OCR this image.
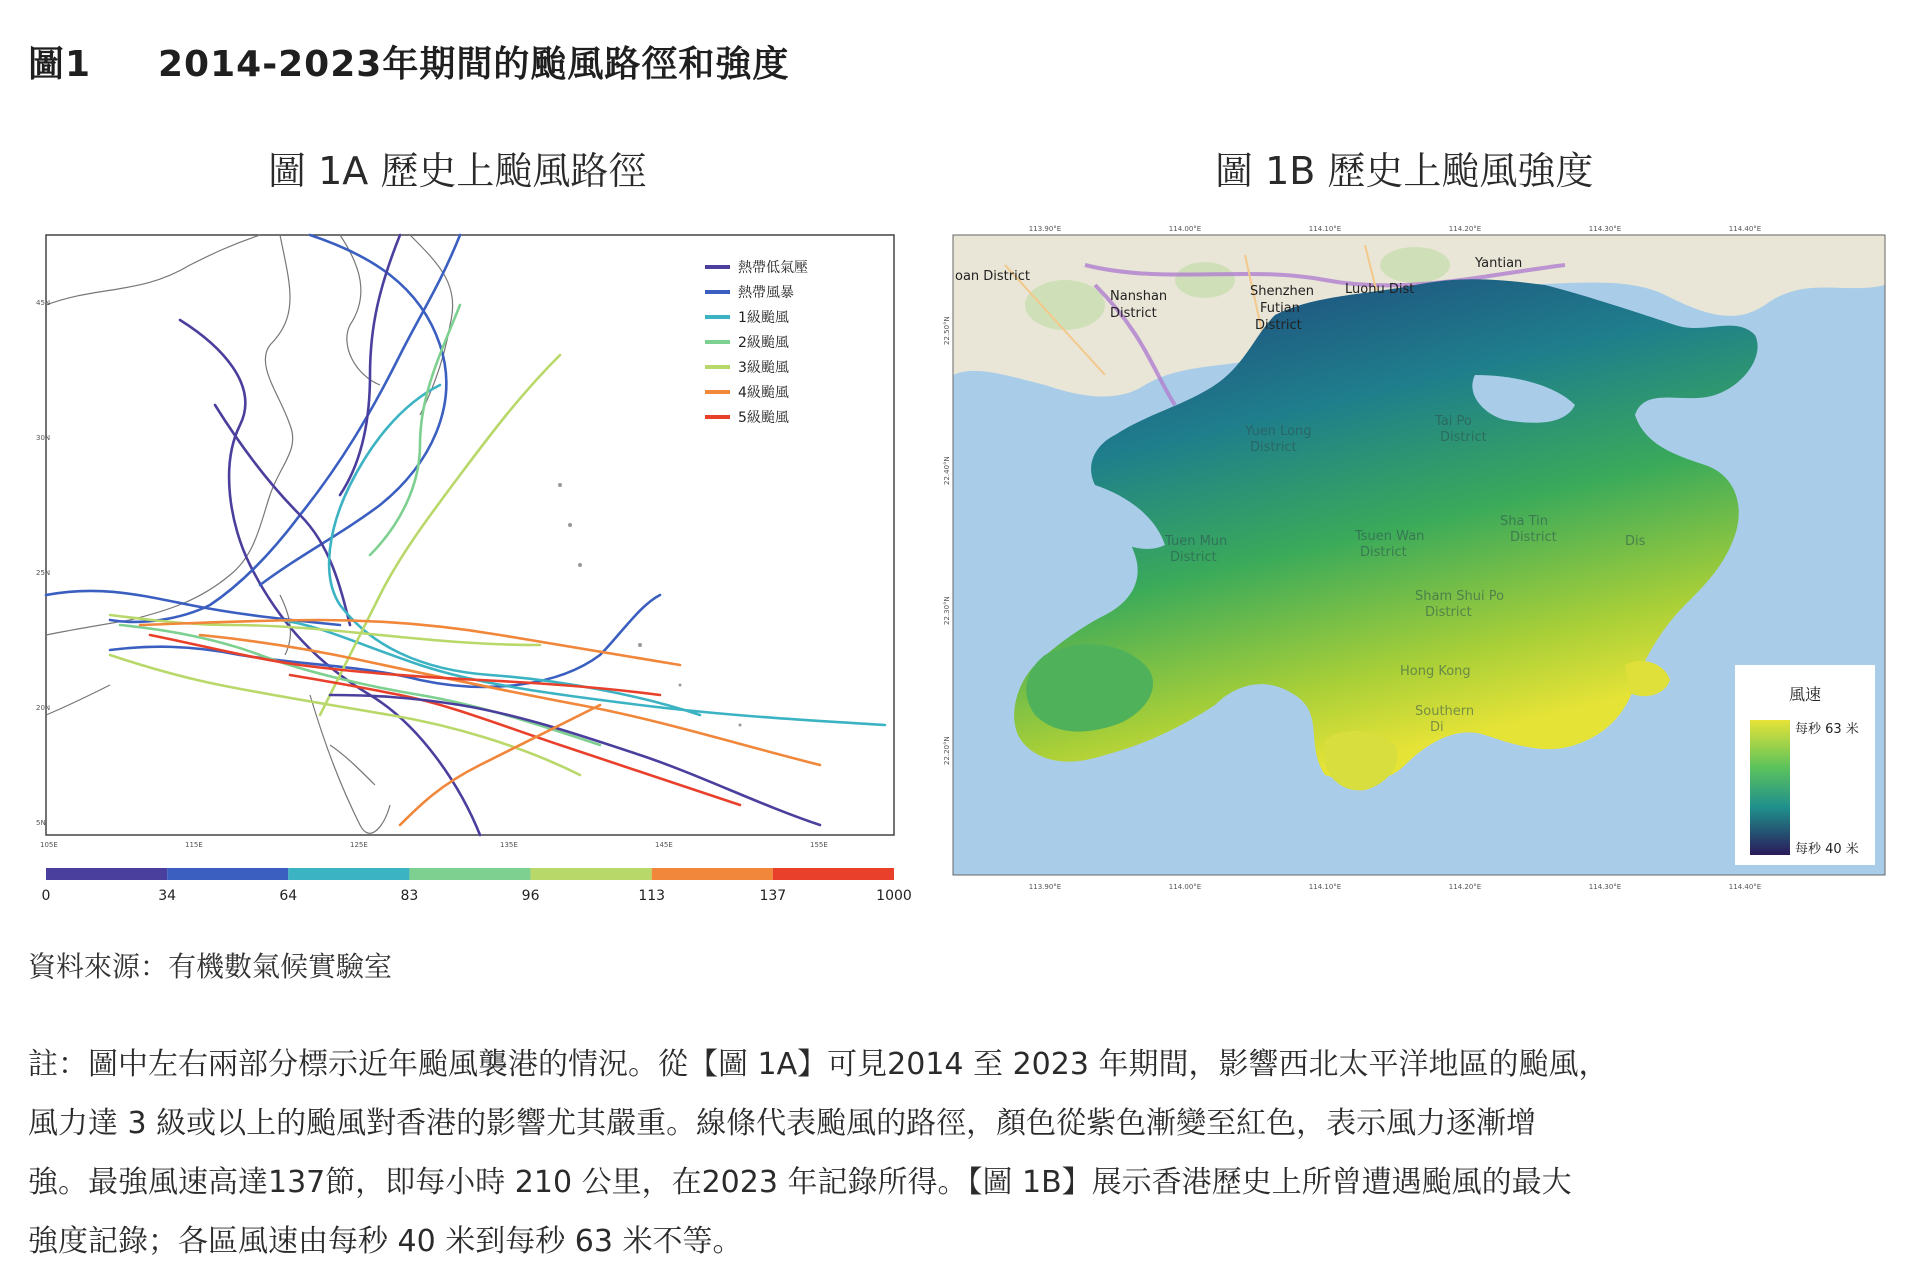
圖1 2014-2023年期間的颱風路徑和強度
圖 1A 歷史上颱風路徑	圖 1B 歷史上颱風強度
45N
30N
25N
20N
5N
105E	115E	125E	135E	145E	155E
熱帶低氣壓
熱帶風暴
1級颱風
2級颱風
3級颱風
4級颱風
5級颱風
0	34	64	83	96	113	137	1000
oan District
Nanshan
District
Shenzhen
Futian
District
Luohu Dist
Yantian
Yuen Long
District
Tai Po
District
Tuen Mun
District
Tsuen Wan
District
Sha Tin
District
Sham Shui Po
District
Hong Kong
Southern
Di
Dis
113.90°E
113.90°E
114.00°E
114.00°E
114.10°E
114.10°E
114.20°E
114.20°E
114.30°E
114.30°E
114.40°E
114.40°E
22.50°N
22.40°N
22.30°N
22.20°N
風速
每秒 63 米
每秒 40 米
資料來源：有機數氣候實驗室
註：圖中左右兩部分標示近年颱風襲港的情況。從【圖 1A】可見2014 至 2023 年期間，影響西北太平洋地區的颱風，
風力達 3 級或以上的颱風對香港的影響尤其嚴重。線條代表颱風的路徑，顏色從紫色漸變至紅色，表示風力逐漸增
強。最強風速高達137節，即每小時 210 公里，在2023 年記錄所得。【圖 1B】展示香港歷史上所曾遭遇颱風的最大
強度記錄；各區風速由每秒 40 米到每秒 63 米不等。
